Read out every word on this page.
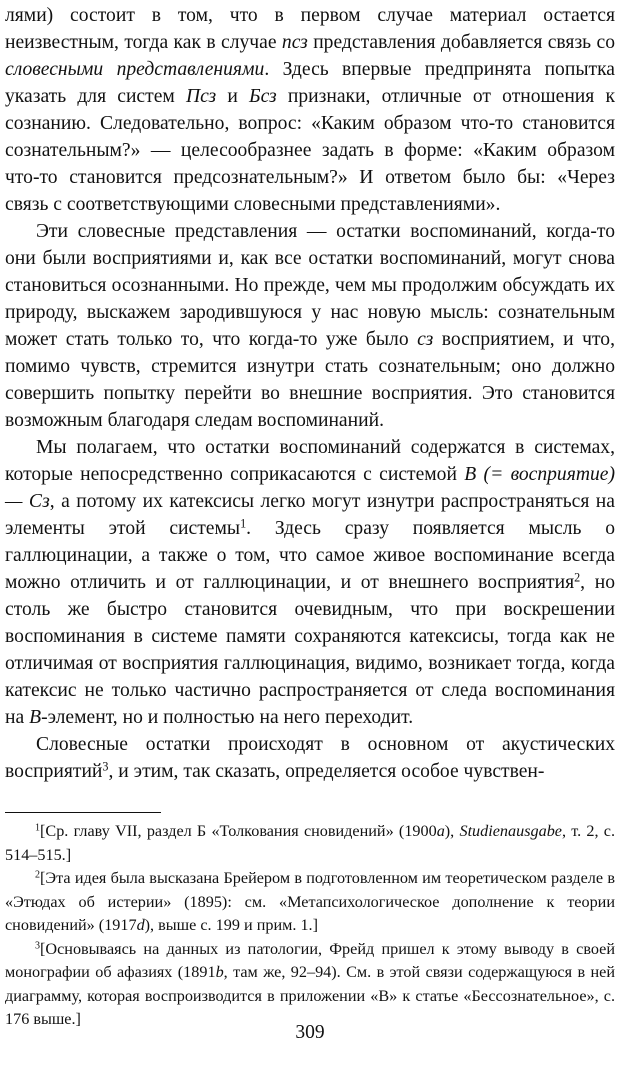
лями) состоит в том, что в первом случае материал остается неизвестным, тогда как в случае псз представления добавляется связь со словесными представлениями. Здесь впервые предпринята попытка указать для систем Псз и Бсз признаки, отличные от отношения к сознанию. Следовательно, вопрос: «Каким образом что-то становится сознательным?» — целесообразнее задать в форме: «Каким образом что-то становится предсознательным?» И ответом было бы: «Через связь с соответствующими словесными представлениями».

Эти словесные представления — остатки воспоминаний, когда-то они были восприятиями и, как все остатки воспоминаний, могут снова становиться осознанными. Но прежде, чем мы продолжим обсуждать их природу, выскажем зародившуюся у нас новую мысль: сознательным может стать только то, что когда-то уже было сз восприятием, и что, помимо чувств, стремится изнутри стать сознательным; оно должно совершить попытку перейти во внешние восприятия. Это становится возможным благодаря следам воспоминаний.

Мы полагаем, что остатки воспоминаний содержатся в системах, которые непосредственно соприкасаются с системой В (= восприятие) — Сз, а потому их катексисы легко могут изнутри распространяться на элементы этой системы$^1$. Здесь сразу появляется мысль о галлюцинации, а также о том, что самое живое воспоминание всегда можно отличить и от галлюцинации, и от внешнего восприятия$^2$, но столь же быстро становится очевидным, что при воскрешении воспоминания в системе памяти сохраняются катексисы, тогда как не отличимая от восприятия галлюцинация, видимо, возникает тогда, когда катексис не только частично распространяется от следа воспоминания на В-элемент, но и полностью на него переходит.

Словесные остатки происходят в основном от акустических восприятий$^3$, и этим, так сказать, определяется особое чувствен-

$^1$[Ср. главу VII, раздел Б «Толкования сновидений» (1900a), Studienausgabe, т. 2, с. 514–515.]

$^2$[Эта идея была высказана Брейером в подготовленном им теоретическом разделе в «Этюдах об истерии» (1895): см. «Метапсихологическое дополнение к теории сновидений» (1917d), выше с. 199 и прим. 1.]

$^3$[Основываясь на данных из патологии, Фрейд пришел к этому выводу в своей монографии об афазиях (1891b, там же, 92–94). См. в этой связи содержащуюся в ней диаграмму, которая воспроизводится в приложении «В» к статье «Бессознательное», с. 176 выше.]

309
